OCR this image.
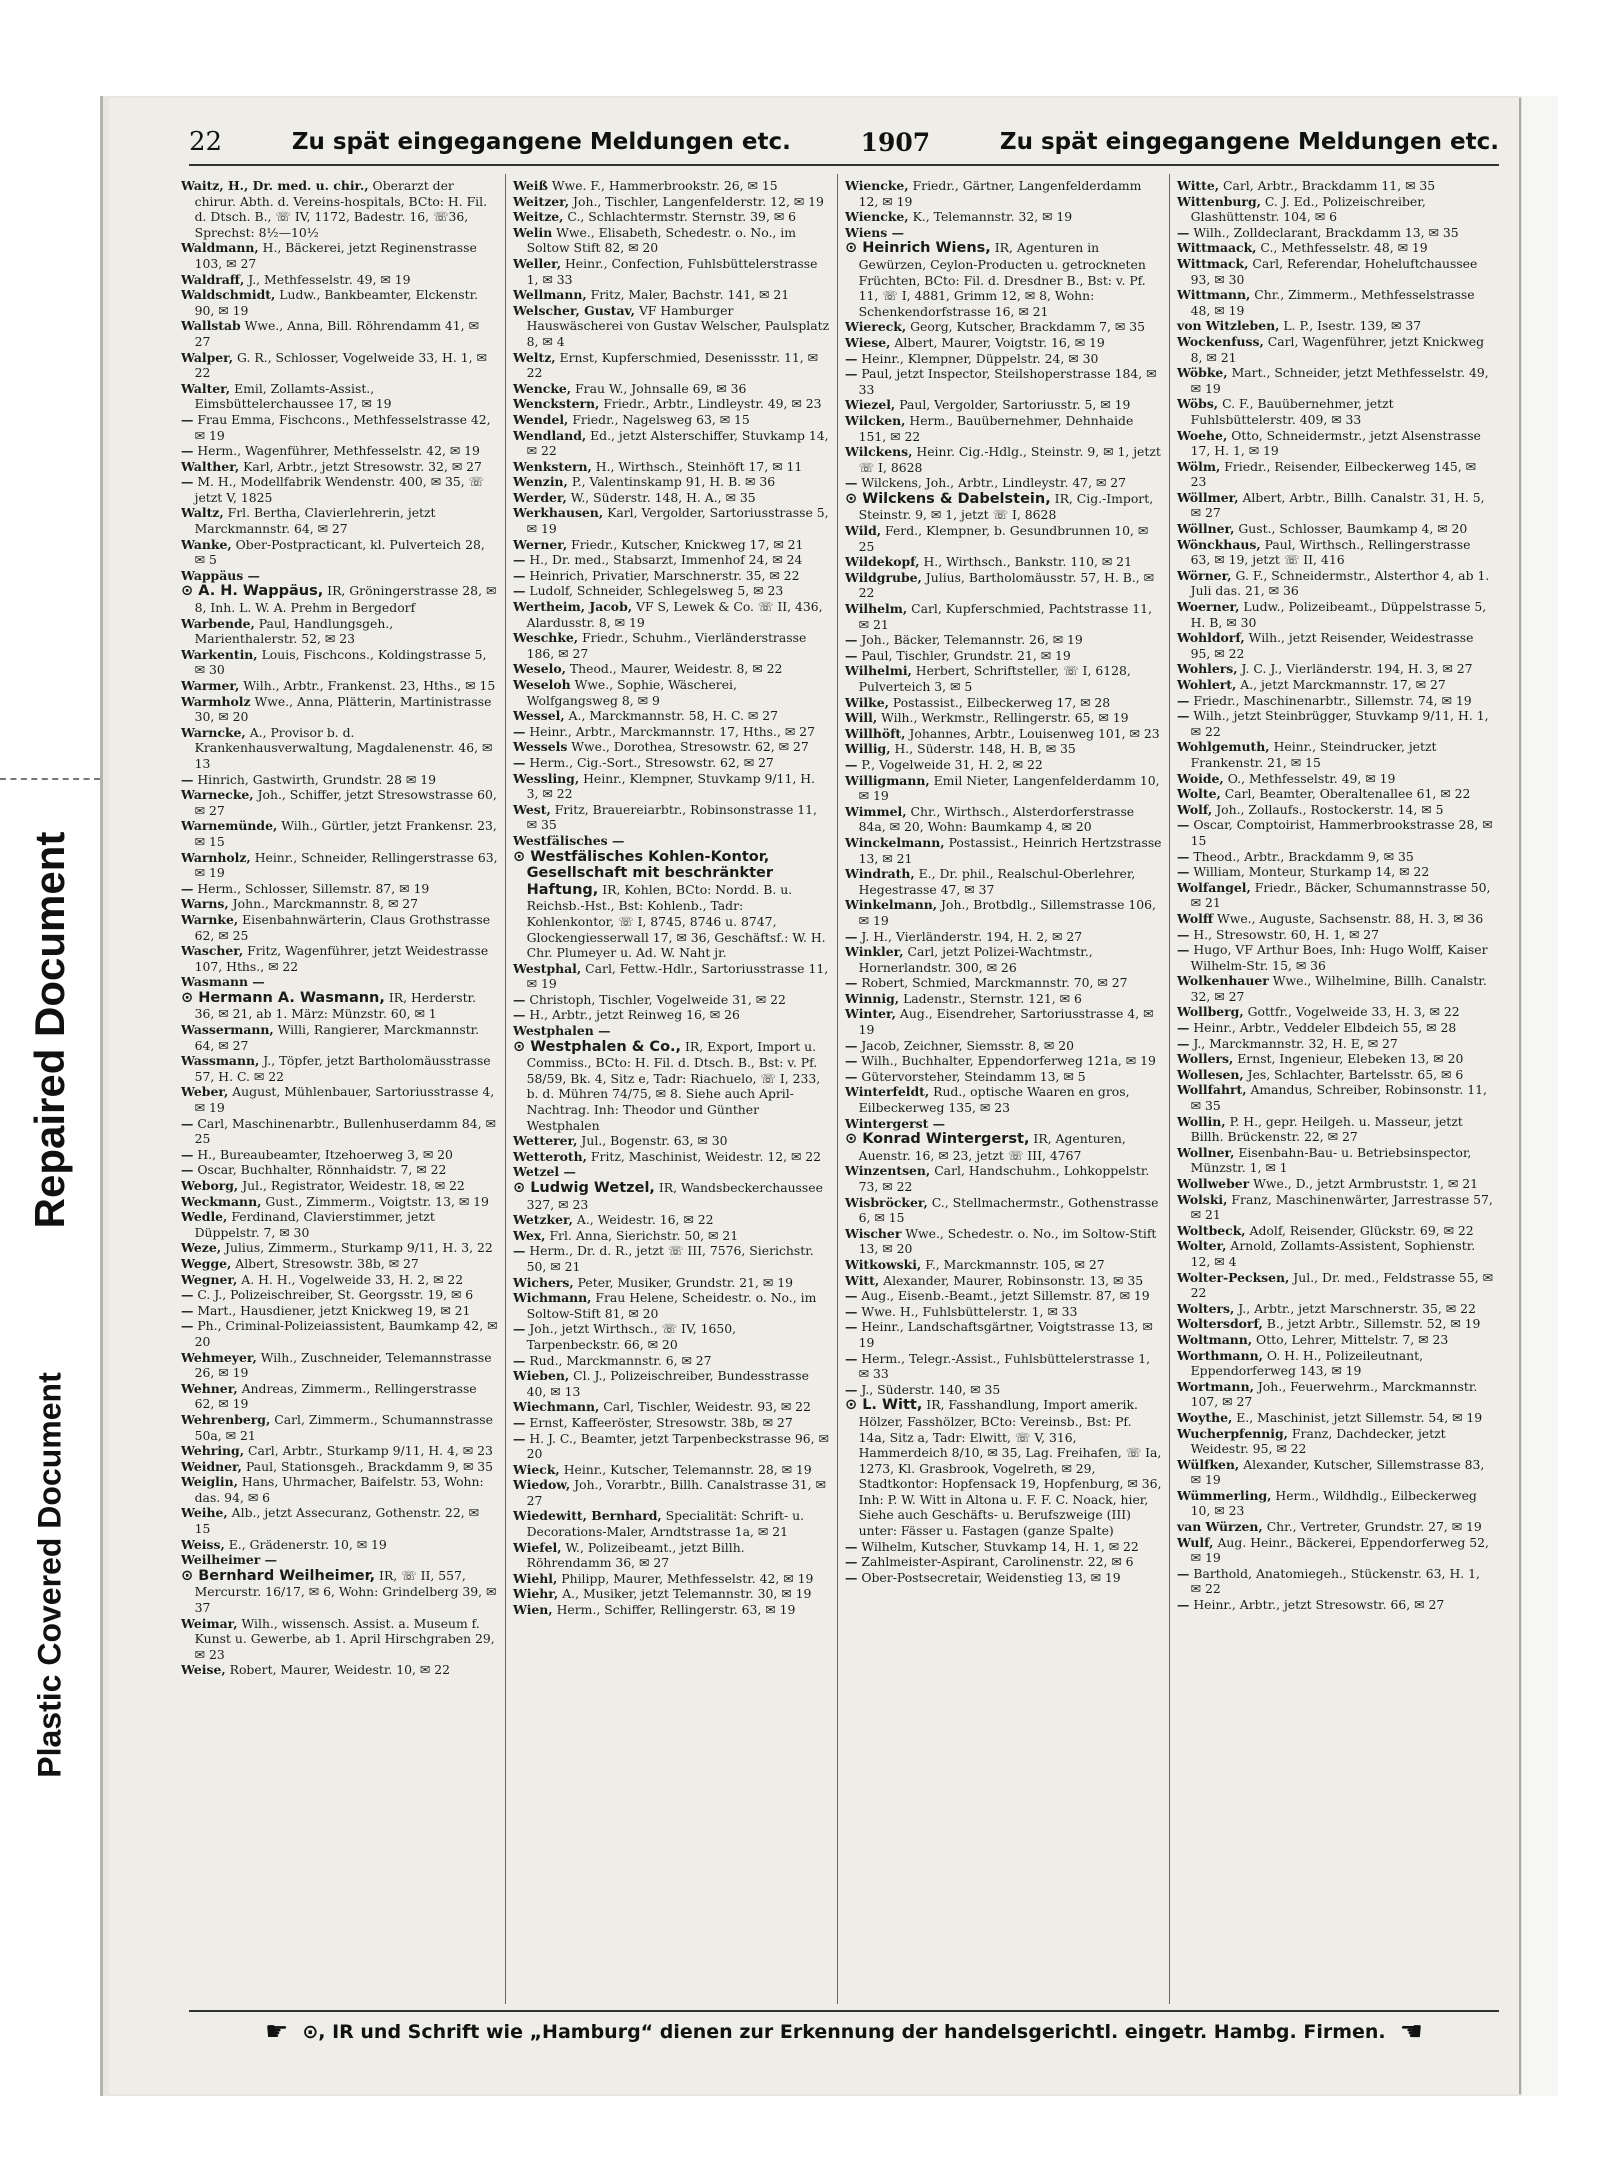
Plastic Covered Document
Repaired Document
22	Zu spät eingegangene Meldungen etc.	1907	Zu spät eingegangene Meldungen etc.

Waitz, H., Dr. med. u. chir., Oberarzt der chirur. Abth. d. Vereins-hospitals, BCto: H. Fil. d. Dtsch. B., ☏ IV, 1172, Badestr. 16, ☏36, Sprechst: 8½—10½

Waldmann, H., Bäckerei, jetzt Reginenstrasse 103, ✉ 27

Waldraff, J., Methfesselstr. 49, ✉ 19

Waldschmidt, Ludw., Bankbeamter, Elckenstr. 90, ✉ 19

Wallstab Wwe., Anna, Bill. Röhrendamm 41, ✉ 27

Walper, G. R., Schlosser, Vogelweide 33, H. 1, ✉ 22

Walter, Emil, Zollamts-Assist., Eimsbüttelerchaussee 17, ✉ 19

— Frau Emma, Fischcons., Methfesselstrasse 42, ✉ 19

— Herm., Wagenführer, Methfesselstr. 42, ✉ 19

Walther, Karl, Arbtr., jetzt Stresowstr. 32, ✉ 27

— M. H., Modellfabrik Wendenstr. 400, ✉ 35, ☏ jetzt V, 1825

Waltz, Frl. Bertha, Clavierlehrerin, jetzt Marckmannstr. 64, ✉ 27

Wanke, Ober-Postpracticant, kl. Pulverteich 28, ✉ 5

Wappäus —

⊙ A. H. Wappäus, IR, Gröningerstrasse 28, ✉ 8, Inh. L. W. A. Prehm in Bergedorf

Warbende, Paul, Handlungsgeh., Marienthalerstr. 52, ✉ 23

Warkentin, Louis, Fischcons., Koldingstrasse 5, ✉ 30

Warmer, Wilh., Arbtr., Frankenst. 23, Hths., ✉ 15

Warmholz Wwe., Anna, Plätterin, Martinistrasse 30, ✉ 20

Warncke, A., Provisor b. d. Krankenhausverwaltung, Magdalenenstr. 46, ✉ 13

— Hinrich, Gastwirth, Grundstr. 28 ✉ 19

Warnecke, Joh., Schiffer, jetzt Stresowstrasse 60, ✉ 27

Warnemünde, Wilh., Gürtler, jetzt Frankensr. 23, ✉ 15

Warnholz, Heinr., Schneider, Rellingerstrasse 63, ✉ 19

— Herm., Schlosser, Sillemstr. 87, ✉ 19

Warns, John., Marckmannstr. 8, ✉ 27

Warnke, Eisenbahnwärterin, Claus Grothstrasse 62, ✉ 25

Wascher, Fritz, Wagenführer, jetzt Weidestrasse 107, Hths., ✉ 22

Wasmann —

⊙ Hermann A. Wasmann, IR, Herderstr. 36, ✉ 21, ab 1. März: Münzstr. 60, ✉ 1

Wassermann, Willi, Rangierer, Marckmannstr. 64, ✉ 27

Wassmann, J., Töpfer, jetzt Bartholomäusstrasse 57, H. C. ✉ 22

Weber, August, Mühlenbauer, Sartoriusstrasse 4, ✉ 19

— Carl, Maschinenarbtr., Bullenhuserdamm 84, ✉ 25

— H., Bureaubeamter, Itzehoerweg 3, ✉ 20

— Oscar, Buchhalter, Rönnhaidstr. 7, ✉ 22

Weborg, Jul., Registrator, Weidestr. 18, ✉ 22

Weckmann, Gust., Zimmerm., Voigtstr. 13, ✉ 19

Wedle, Ferdinand, Clavierstimmer, jetzt Düppelstr. 7, ✉ 30

Weze, Julius, Zimmerm., Sturkamp 9/11, H. 3, 22

Wegge, Albert, Stresowstr. 38b, ✉ 27

Wegner, A. H. H., Vogelweide 33, H. 2, ✉ 22

— C. J., Polizeischreiber, St. Georgsstr. 19, ✉ 6

— Mart., Hausdiener, jetzt Knickweg 19, ✉ 21

— Ph., Criminal-Polizeiassistent, Baumkamp 42, ✉ 20

Wehmeyer, Wilh., Zuschneider, Telemannstrasse 26, ✉ 19

Wehner, Andreas, Zimmerm., Rellingerstrasse 62, ✉ 19

Wehrenberg, Carl, Zimmerm., Schumannstrasse 50a, ✉ 21

Wehring, Carl, Arbtr., Sturkamp 9/11, H. 4, ✉ 23

Weidner, Paul, Stationsgeh., Brackdamm 9, ✉ 35

Weiglin, Hans, Uhrmacher, Baifelstr. 53, Wohn: das. 94, ✉ 6

Weihe, Alb., jetzt Assecuranz, Gothenstr. 22, ✉ 15

Weiss, E., Grädenerstr. 10, ✉ 19

Weilheimer —

⊙ Bernhard Weilheimer, IR, ☏ II, 557, Mercurstr. 16/17, ✉ 6, Wohn: Grindelberg 39, ✉ 37

Weimar, Wilh., wissensch. Assist. a. Museum f. Kunst u. Gewerbe, ab 1. April Hirschgraben 29, ✉ 23

Weise, Robert, Maurer, Weidestr. 10, ✉ 22

Weiß Wwe. F., Hammerbrookstr. 26, ✉ 15

Weitzer, Joh., Tischler, Langenfelderstr. 12, ✉ 19

Weitze, C., Schlachtermstr. Sternstr. 39, ✉ 6

Welin Wwe., Elisabeth, Schedestr. o. No., im Soltow Stift 82, ✉ 20

Weller, Heinr., Confection, Fuhlsbüttelerstrasse 1, ✉ 33

Wellmann, Fritz, Maler, Bachstr. 141, ✉ 21

Welscher, Gustav, VF Hamburger Hauswäscherei von Gustav Welscher, Paulsplatz 8, ✉ 4

Weltz, Ernst, Kupferschmied, Desenissstr. 11, ✉ 22

Wencke, Frau W., Johnsalle 69, ✉ 36

Wenckstern, Friedr., Arbtr., Lindleystr. 49, ✉ 23

Wendel, Friedr., Nagelsweg 63, ✉ 15

Wendland, Ed., jetzt Alsterschiffer, Stuvkamp 14, ✉ 22

Wenkstern, H., Wirthsch., Steinhöft 17, ✉ 11

Wenzin, P., Valentinskamp 91, H. B. ✉ 36

Werder, W., Süderstr. 148, H. A., ✉ 35

Werkhausen, Karl, Vergolder, Sartoriusstrasse 5, ✉ 19

Werner, Friedr., Kutscher, Knickweg 17, ✉ 21

— H., Dr. med., Stabsarzt, Immenhof 24, ✉ 24

— Heinrich, Privatier, Marschnerstr. 35, ✉ 22

— Ludolf, Schneider, Schlegelsweg 5, ✉ 23

Wertheim, Jacob, VF S, Lewek & Co. ☏ II, 436, Alardusstr. 8, ✉ 19

Weschke, Friedr., Schuhm., Vierländerstrasse 186, ✉ 27

Weselo, Theod., Maurer, Weidestr. 8, ✉ 22

Weseloh Wwe., Sophie, Wäscherei, Wolfgangsweg 8, ✉ 9

Wessel, A., Marckmannstr. 58, H. C. ✉ 27

— Heinr., Arbtr., Marckmannstr. 17, Hths., ✉ 27

Wessels Wwe., Dorothea, Stresowstr. 62, ✉ 27

— Herm., Cig.-Sort., Stresowstr. 62, ✉ 27

Wessling, Heinr., Klempner, Stuvkamp 9/11, H. 3, ✉ 22

West, Fritz, Brauereiarbtr., Robinsonstrasse 11, ✉ 35

Westfälisches —

⊙ Westfälisches Kohlen-Kontor, Gesellschaft mit beschränkter Haftung, IR, Kohlen, BCto: Nordd. B. u. Reichsb.-Hst., Bst: Kohlenb., Tadr: Kohlenkontor, ☏ I, 8745, 8746 u. 8747, Glockengiesserwall 17, ✉ 36, Geschäftsf.: W. H. Chr. Plumeyer u. Ad. W. Naht jr.

Westphal, Carl, Fettw.-Hdlr., Sartoriusstrasse 11, ✉ 19

— Christoph, Tischler, Vogelweide 31, ✉ 22

— H., Arbtr., jetzt Reinweg 16, ✉ 26

Westphalen —

⊙ Westphalen & Co., IR, Export, Import u. Commiss., BCto: H. Fil. d. Dtsch. B., Bst: v. Pf. 58/59, Bk. 4, Sitz e, Tadr: Riachuelo, ☏ I, 233, b. d. Mühren 74/75, ✉ 8. Siehe auch April-Nachtrag. Inh: Theodor und Günther Westphalen

Wetterer, Jul., Bogenstr. 63, ✉ 30

Wetteroth, Fritz, Maschinist, Weidestr. 12, ✉ 22

Wetzel —

⊙ Ludwig Wetzel, IR, Wandsbeckerchaussee 327, ✉ 23

Wetzker, A., Weidestr. 16, ✉ 22

Wex, Frl. Anna, Sierichstr. 50, ✉ 21

— Herm., Dr. d. R., jetzt ☏ III, 7576, Sierichstr. 50, ✉ 21

Wichers, Peter, Musiker, Grundstr. 21, ✉ 19

Wichmann, Frau Helene, Scheidestr. o. No., im Soltow-Stift 81, ✉ 20

— Joh., jetzt Wirthsch., ☏ IV, 1650, Tarpenbeckstr. 66, ✉ 20

— Rud., Marckmannstr. 6, ✉ 27

Wieben, Cl. J., Polizeischreiber, Bundesstrasse 40, ✉ 13

Wiechmann, Carl, Tischler, Weidestr. 93, ✉ 22

— Ernst, Kaffeeröster, Stresowstr. 38b, ✉ 27

— H. J. C., Beamter, jetzt Tarpenbeckstrasse 96, ✉ 20

Wieck, Heinr., Kutscher, Telemannstr. 28, ✉ 19

Wiedow, Joh., Vorarbtr., Billh. Canalstrasse 31, ✉ 27

Wiedewitt, Bernhard, Specialität: Schrift- u. Decorations-Maler, Arndtstrasse 1a, ✉ 21

Wiefel, W., Polizeibeamt., jetzt Billh. Röhrendamm 36, ✉ 27

Wiehl, Philipp, Maurer, Methfesselstr. 42, ✉ 19

Wiehr, A., Musiker, jetzt Telemannstr. 30, ✉ 19

Wien, Herm., Schiffer, Rellingerstr. 63, ✉ 19

Wiencke, Friedr., Gärtner, Langenfelderdamm 12, ✉ 19

Wiencke, K., Telemannstr. 32, ✉ 19

Wiens —

⊙ Heinrich Wiens, IR, Agenturen in Gewürzen, Ceylon-Producten u. getrockneten Früchten, BCto: Fil. d. Dresdner B., Bst: v. Pf. 11, ☏ I, 4881, Grimm 12, ✉ 8, Wohn: Schenkendorfstrasse 16, ✉ 21

Wiereck, Georg, Kutscher, Brackdamm 7, ✉ 35

Wiese, Albert, Maurer, Voigtstr. 16, ✉ 19

— Heinr., Klempner, Düppelstr. 24, ✉ 30

— Paul, jetzt Inspector, Steilshoperstrasse 184, ✉ 33

Wiezel, Paul, Vergolder, Sartoriusstr. 5, ✉ 19

Wilcken, Herm., Bauübernehmer, Dehnhaide 151, ✉ 22

Wilckens, Heinr. Cig.-Hdlg., Steinstr. 9, ✉ 1, jetzt ☏ I, 8628

— Wilckens, Joh., Arbtr., Lindleystr. 47, ✉ 27

⊙ Wilckens & Dabelstein, IR, Cig.-Import, Steinstr. 9, ✉ 1, jetzt ☏ I, 8628

Wild, Ferd., Klempner, b. Gesundbrunnen 10, ✉ 25

Wildekopf, H., Wirthsch., Bankstr. 110, ✉ 21

Wildgrube, Julius, Bartholomäusstr. 57, H. B., ✉ 22

Wilhelm, Carl, Kupferschmied, Pachtstrasse 11, ✉ 21

— Joh., Bäcker, Telemannstr. 26, ✉ 19

— Paul, Tischler, Grundstr. 21, ✉ 19

Wilhelmi, Herbert, Schriftsteller, ☏ I, 6128, Pulverteich 3, ✉ 5

Wilke, Postassist., Eilbeckerweg 17, ✉ 28

Will, Wilh., Werkmstr., Rellingerstr. 65, ✉ 19

Willhöft, Johannes, Arbtr., Louisenweg 101, ✉ 23

Willig, H., Süderstr. 148, H. B, ✉ 35

— P., Vogelweide 31, H. 2, ✉ 22

Willigmann, Emil Nieter, Langenfelderdamm 10, ✉ 19

Wimmel, Chr., Wirthsch., Alsterdorferstrasse 84a, ✉ 20, Wohn: Baumkamp 4, ✉ 20

Winckelmann, Postassist., Heinrich Hertzstrasse 13, ✉ 21

Windrath, E., Dr. phil., Realschul-Oberlehrer, Hegestrasse 47, ✉ 37

Winkelmann, Joh., Brotbdlg., Sillemstrasse 106, ✉ 19

— J. H., Vierländerstr. 194, H. 2, ✉ 27

Winkler, Carl, jetzt Polizei-Wachtmstr., Hornerlandstr. 300, ✉ 26

— Robert, Schmied, Marckmannstr. 70, ✉ 27

Winnig, Ladenstr., Sternstr. 121, ✉ 6

Winter, Aug., Eisendreher, Sartoriusstrasse 4, ✉ 19

— Jacob, Zeichner, Siemsstr. 8, ✉ 20

— Wilh., Buchhalter, Eppendorferweg 121a, ✉ 19

— Gütervorsteher, Steindamm 13, ✉ 5

Winterfeldt, Rud., optische Waaren en gros, Eilbeckerweg 135, ✉ 23

Wintergerst —

⊙ Konrad Wintergerst, IR, Agenturen, Auenstr. 16, ✉ 23, jetzt ☏ III, 4767

Winzentsen, Carl, Handschuhm., Lohkoppelstr. 73, ✉ 22

Wisbröcker, C., Stellmachermstr., Gothenstrasse 6, ✉ 15

Wischer Wwe., Schedestr. o. No., im Soltow-Stift 13, ✉ 20

Witkowski, F., Marckmannstr. 105, ✉ 27

Witt, Alexander, Maurer, Robinsonstr. 13, ✉ 35

— Aug., Eisenb.-Beamt., jetzt Sillemstr. 87, ✉ 19

— Wwe. H., Fuhlsbüttelerstr. 1, ✉ 33

— Heinr., Landschaftsgärtner, Voigtstrasse 13, ✉ 19

— Herm., Telegr.-Assist., Fuhlsbüttelerstrasse 1, ✉ 33

— J., Süderstr. 140, ✉ 35

⊙ L. Witt, IR, Fasshandlung, Import amerik. Hölzer, Fasshölzer, BCto: Vereinsb., Bst: Pf. 14a, Sitz a, Tadr: Elwitt, ☏ V, 316, Hammerdeich 8/10, ✉ 35, Lag. Freihafen, ☏ Ia, 1273, Kl. Grasbrook, Vogelreth, ✉ 29, Stadtkontor: Hopfensack 19, Hopfenburg, ✉ 36, Inh: P. W. Witt in Altona u. F. F. C. Noack, hier, Siehe auch Geschäfts- u. Berufszweige (III) unter: Fässer u. Fastagen (ganze Spalte)

— Wilhelm, Kutscher, Stuvkamp 14, H. 1, ✉ 22

— Zahlmeister-Aspirant, Carolinenstr. 22, ✉ 6

— Ober-Postsecretair, Weidenstieg 13, ✉ 19

Witte, Carl, Arbtr., Brackdamm 11, ✉ 35

Wittenburg, C. J. Ed., Polizeischreiber, Glashüttenstr. 104, ✉ 6

— Wilh., Zolldeclarant, Brackdamm 13, ✉ 35

Wittmaack, C., Methfesselstr. 48, ✉ 19

Wittmack, Carl, Referendar, Hoheluftchaussee 93, ✉ 30

Wittmann, Chr., Zimmerm., Methfesselstrasse 48, ✉ 19

von Witzleben, L. P., Isestr. 139, ✉ 37

Wockenfuss, Carl, Wagenführer, jetzt Knickweg 8, ✉ 21

Wöbke, Mart., Schneider, jetzt Methfesselstr. 49, ✉ 19

Wöbs, C. F., Bauübernehmer, jetzt Fuhlsbüttelerstr. 409, ✉ 33

Woehe, Otto, Schneidermstr., jetzt Alsenstrasse 17, H. 1, ✉ 19

Wölm, Friedr., Reisender, Eilbeckerweg 145, ✉ 23

Wöllmer, Albert, Arbtr., Billh. Canalstr. 31, H. 5, ✉ 27

Wöllner, Gust., Schlosser, Baumkamp 4, ✉ 20

Wönckhaus, Paul, Wirthsch., Rellingerstrasse 63, ✉ 19, jetzt ☏ II, 416

Wörner, G. F., Schneidermstr., Alsterthor 4, ab 1. Juli das. 21, ✉ 36

Woerner, Ludw., Polizeibeamt., Düppelstrasse 5, H. B, ✉ 30

Wohldorf, Wilh., jetzt Reisender, Weidestrasse 95, ✉ 22

Wohlers, J. C. J., Vierländerstr. 194, H. 3, ✉ 27

Wohlert, A., jetzt Marckmannstr. 17, ✉ 27

— Friedr., Maschinenarbtr., Sillemstr. 74, ✉ 19

— Wilh., jetzt Steinbrügger, Stuvkamp 9/11, H. 1, ✉ 22

Wohlgemuth, Heinr., Steindrucker, jetzt Frankenstr. 21, ✉ 15

Woide, O., Methfesselstr. 49, ✉ 19

Wolte, Carl, Beamter, Oberaltenallee 61, ✉ 22

Wolf, Joh., Zollaufs., Rostockerstr. 14, ✉ 5

— Oscar, Comptoirist, Hammerbrookstrasse 28, ✉ 15

— Theod., Arbtr., Brackdamm 9, ✉ 35

— William, Monteur, Sturkamp 14, ✉ 22

Wolfangel, Friedr., Bäcker, Schumannstrasse 50, ✉ 21

Wolff Wwe., Auguste, Sachsenstr. 88, H. 3, ✉ 36

— H., Stresowstr. 60, H. 1, ✉ 27

— Hugo, VF Arthur Boes, Inh: Hugo Wolff, Kaiser Wilhelm-Str. 15, ✉ 36

Wolkenhauer Wwe., Wilhelmine, Billh. Canalstr. 32, ✉ 27

Wollberg, Gottfr., Vogelweide 33, H. 3, ✉ 22

— Heinr., Arbtr., Veddeler Elbdeich 55, ✉ 28

— J., Marckmannstr. 32, H. E, ✉ 27

Wollers, Ernst, Ingenieur, Elebeken 13, ✉ 20

Wollesen, Jes, Schlachter, Bartelsstr. 65, ✉ 6

Wollfahrt, Amandus, Schreiber, Robinsonstr. 11, ✉ 35

Wollin, P. H., gepr. Heilgeh. u. Masseur, jetzt Billh. Brückenstr. 22, ✉ 27

Wollner, Eisenbahn-Bau- u. Betriebsinspector, Münzstr. 1, ✉ 1

Wollweber Wwe., D., jetzt Armbruststr. 1, ✉ 21

Wolski, Franz, Maschinenwärter, Jarrestrasse 57, ✉ 21

Woltbeck, Adolf, Reisender, Glückstr. 69, ✉ 22

Wolter, Arnold, Zollamts-Assistent, Sophienstr. 12, ✉ 4

Wolter-Pecksen, Jul., Dr. med., Feldstrasse 55, ✉ 22

Wolters, J., Arbtr., jetzt Marschnerstr. 35, ✉ 22

Woltersdorf, B., jetzt Arbtr., Sillemstr. 52, ✉ 19

Woltmann, Otto, Lehrer, Mittelstr. 7, ✉ 23

Worthmann, O. H. H., Polizeileutnant, Eppendorferweg 143, ✉ 19

Wortmann, Joh., Feuerwehrm., Marckmannstr. 107, ✉ 27

Woythe, E., Maschinist, jetzt Sillemstr. 54, ✉ 19

Wucherpfennig, Franz, Dachdecker, jetzt Weidestr. 95, ✉ 22

Wülfken, Alexander, Kutscher, Sillemstrasse 83, ✉ 19

Wümmerling, Herm., Wildhdlg., Eilbeckerweg 10, ✉ 23

van Würzen, Chr., Vertreter, Grundstr. 27, ✉ 19

Wulf, Aug. Heinr., Bäckerei, Eppendorferweg 52, ✉ 19

— Barthold, Anatomiegeh., Stückenstr. 63, H. 1, ✉ 22

— Heinr., Arbtr., jetzt Stresowstr. 66, ✉ 27

☛ ⊙, IR und Schrift wie „Hamburg“ dienen zur Erkennung der handelsgerichtl. eingetr. Hambg. Firmen. ☚
